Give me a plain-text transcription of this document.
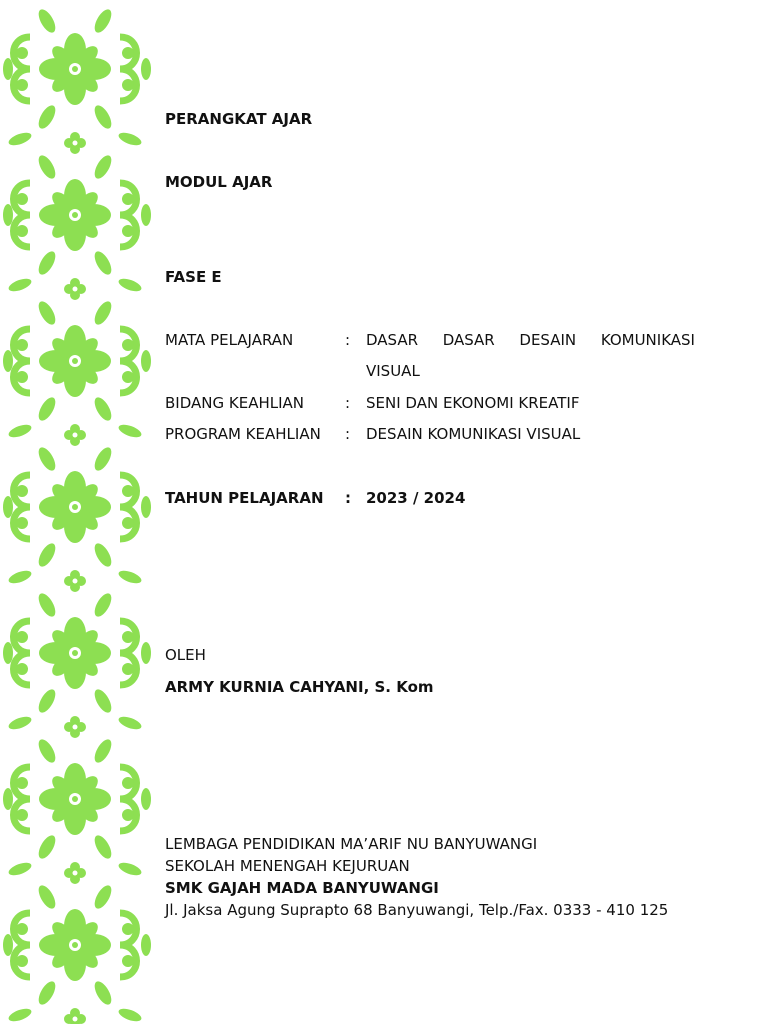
PERANGKAT AJAR
MODUL AJAR
FASE E
MATA PELAJARAN	: DASAR DASAR DESAIN KOMUNIKASI
VISUAL
BIDANG KEAHLIAN	: SENI DAN EKONOMI KREATIF
PROGRAM KEAHLIAN : DESAIN KOMUNIKASI VISUAL
TAHUN PELAJARAN : 2023 / 2024
OLEH
ARMY KURNIA CAHYANI, S. Kom
LEMBAGA PENDIDIKAN MA’ARIF NU BANYUWANGI
SEKOLAH MENENGAH KEJURUAN
SMK GAJAH MADA BANYUWANGI
Jl. Jaksa Agung Suprapto 68 Banyuwangi, Telp./Fax. 0333 - 410 125
